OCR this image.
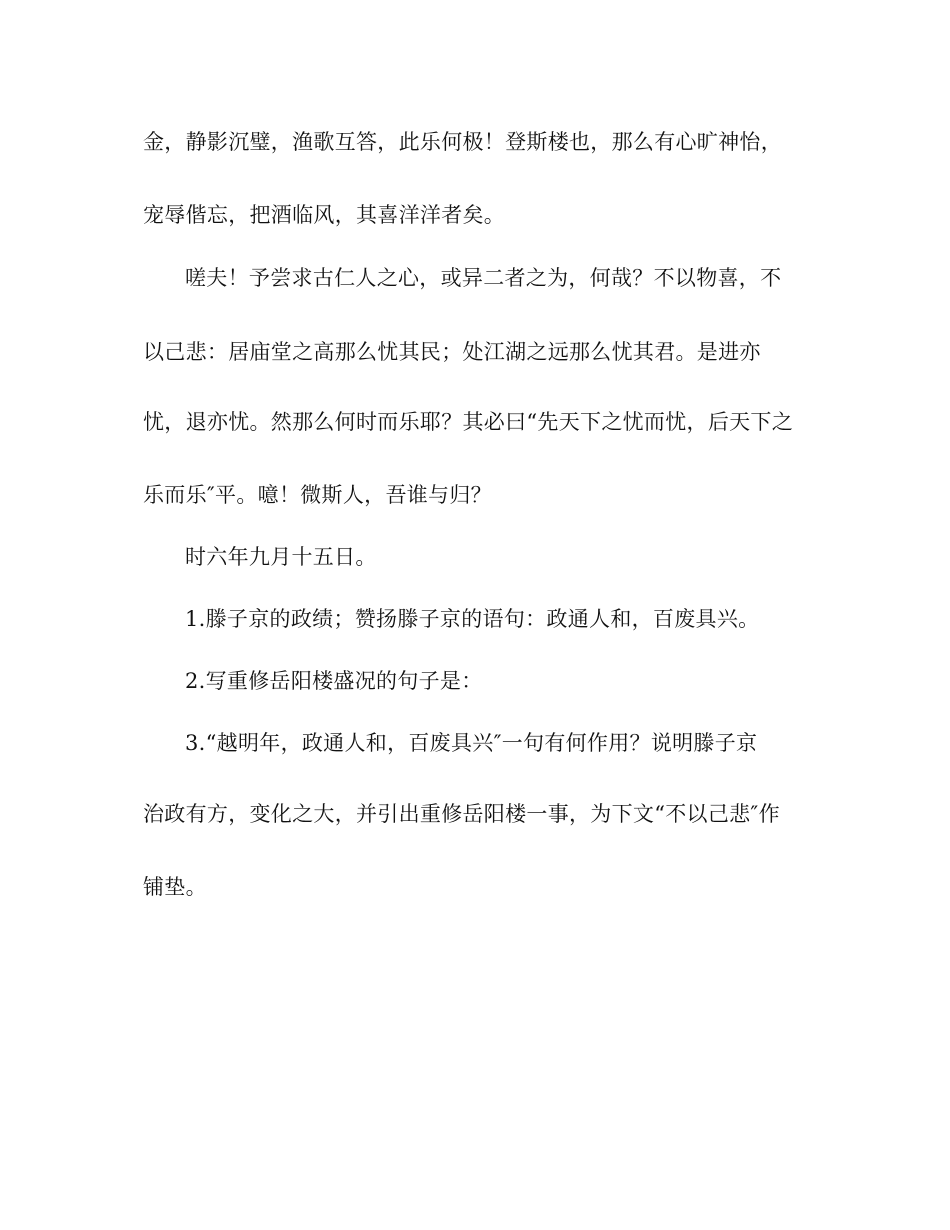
金，静影沉璧，渔歌互答，此乐何极！登斯楼也，那么有心旷神怡，
宠辱偕忘，把酒临风，其喜洋洋者矣。
嗟夫！予尝求古仁人之心，或异二者之为，何哉？不以物喜，不
以己悲：居庙堂之高那么忧其民；处江湖之远那么忧其君。是进亦
忧，退亦忧。然那么何时而乐耶？其必曰“先天下之忧而忧，后天下之
乐而乐″平。噫！微斯人，吾谁与归？
时六年九月十五日。
1.滕子京的政绩；赞扬滕子京的语句：政通人和，百废具兴。
2.写重修岳阳楼盛况的句子是：
3.“越明年，政通人和，百废具兴″一句有何作用？说明滕子京
治政有方，变化之大，并引出重修岳阳楼一事，为下文“不以己悲″作
铺垫。
